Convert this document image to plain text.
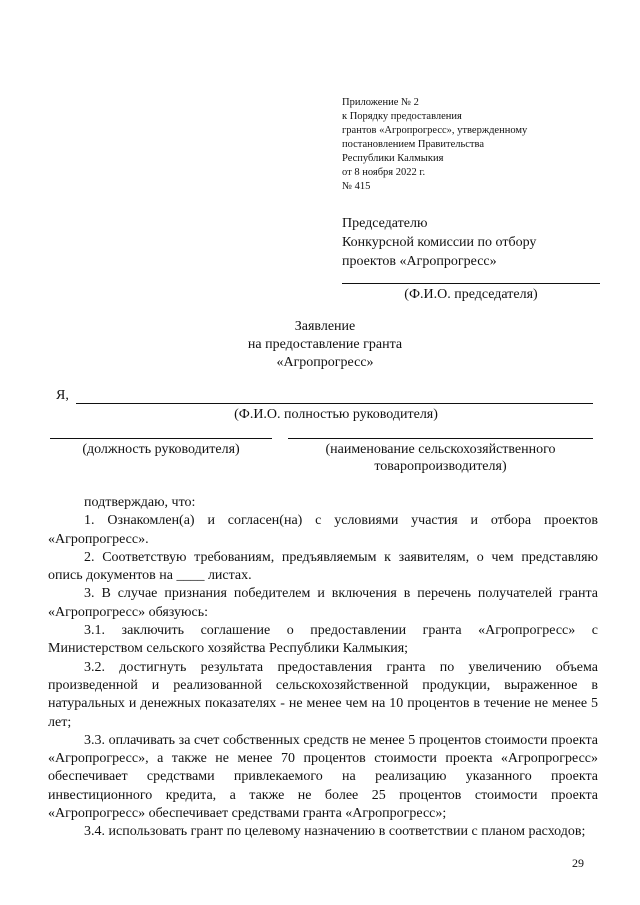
Приложение № 2
к Порядку предоставления
грантов «Агропрогресс», утвержденному
постановлением Правительства
Республики Калмыкия
от 8 ноября 2022 г.
№ 415
Председателю
Конкурсной комиссии по отбору
проектов «Агропрогресс»
(Ф.И.О. председателя)
Заявление
на предоставление гранта
«Агропрогресс»
Я,
(Ф.И.О. полностью руководителя)
(должность руководителя)	(наименование сельскохозяйственного
товаропроизводителя)

подтверждаю, что:

1. Ознакомлен(а) и согласен(на) с условиями участия и отбора проектов «Агропрогресс».

2. Соответствую требованиям, предъявляемым к заявителям, о чем представляю опись документов на ____ листах.

3. В случае признания победителем и включения в перечень получателей гранта «Агропрогресс» обязуюсь:

3.1. заключить соглашение о предоставлении гранта «Агропрогресс» с Министерством сельского хозяйства Республики Калмыкия;

3.2. достигнуть результата предоставления гранта по увеличению объема произведенной и реализованной сельскохозяйственной продукции, выраженное в натуральных и денежных показателях - не менее чем на 10 процентов в течение не менее 5 лет;

3.3. оплачивать за счет собственных средств не менее 5 процентов стоимости проекта «Агропрогресс», а также не менее 70 процентов стоимости проекта «Агропрогресс» обеспечивает средствами привлекаемого на реализацию указанного проекта инвестиционного кредита, а также не более 25 процентов стоимости проекта «Агропрогресс» обеспечивает средствами гранта «Агропрогресс»;

3.4. использовать грант по целевому назначению в соответствии с планом расходов;

29
